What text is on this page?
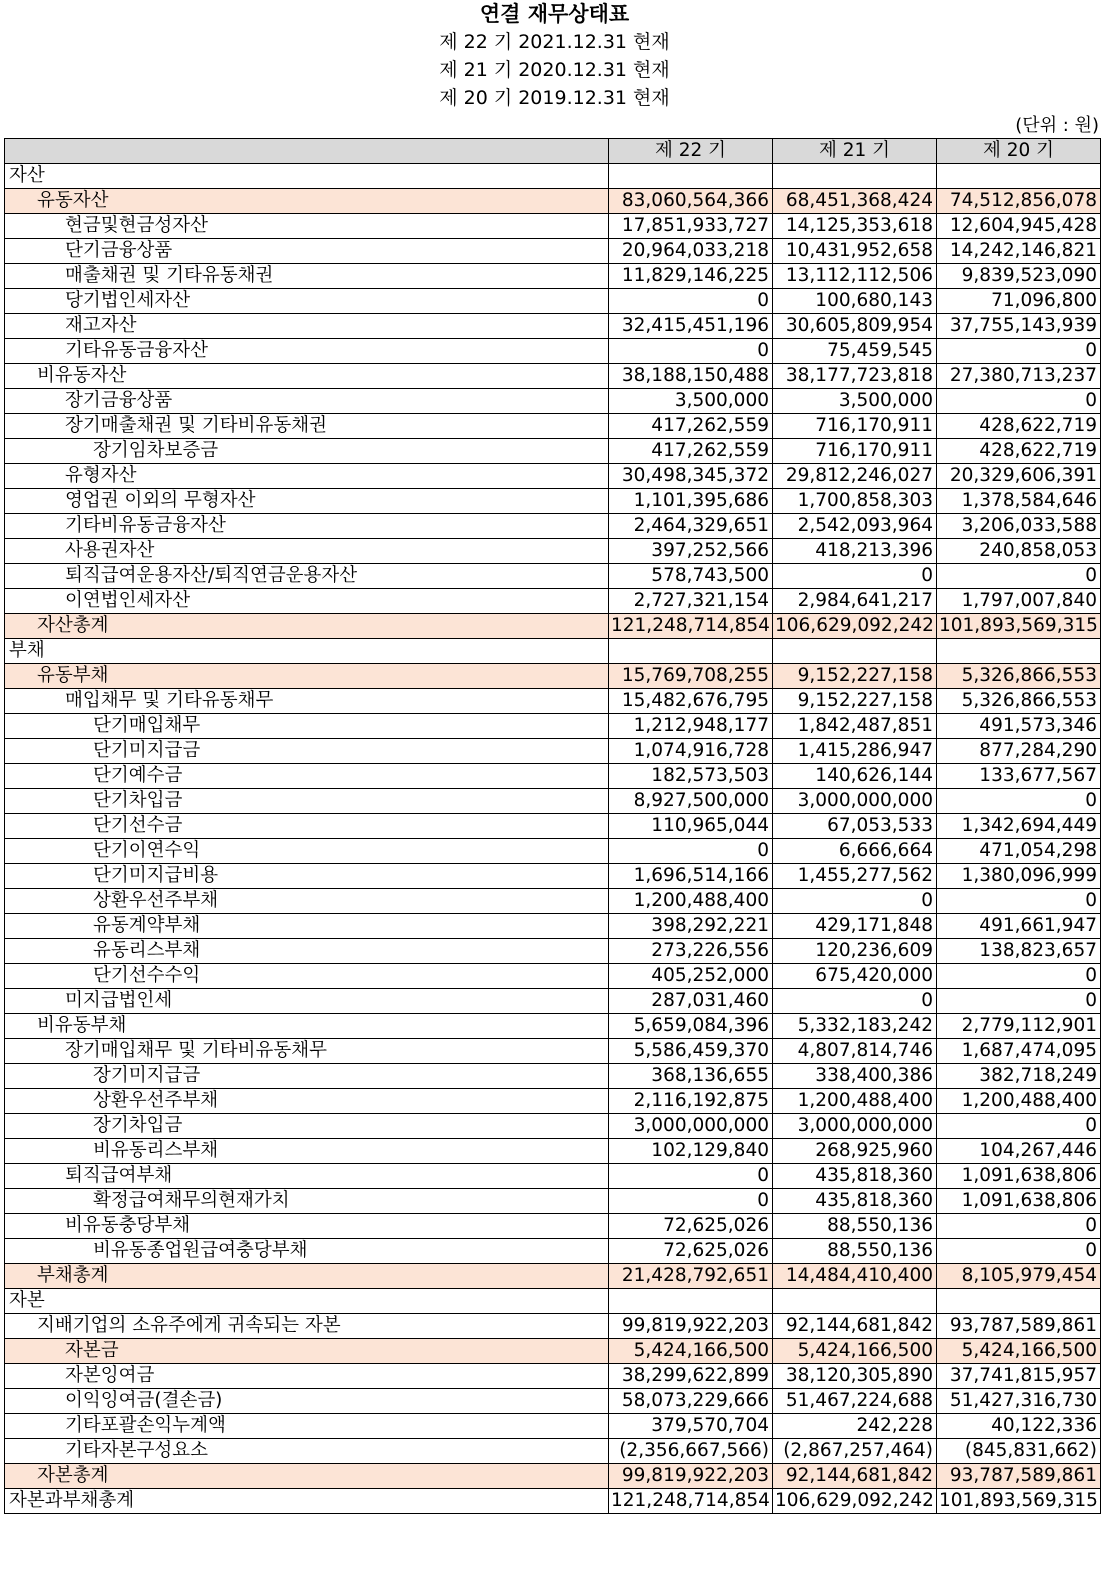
연결 재무상태표
제 22 기 2021.12.31 현재
제 21 기 2020.12.31 현재
제 20 기 2019.12.31 현재
(단위 : 원)
	제 22 기	제 21 기	제 20 기
자산			
유동자산	83,060,564,366	68,451,368,424	74,512,856,078
현금및현금성자산	17,851,933,727	14,125,353,618	12,604,945,428
단기금융상품	20,964,033,218	10,431,952,658	14,242,146,821
매출채권 및 기타유동채권	11,829,146,225	13,112,112,506	9,839,523,090
당기법인세자산	0	100,680,143	71,096,800
재고자산	32,415,451,196	30,605,809,954	37,755,143,939
기타유동금융자산	0	75,459,545	0
비유동자산	38,188,150,488	38,177,723,818	27,380,713,237
장기금융상품	3,500,000	3,500,000	0
장기매출채권 및 기타비유동채권	417,262,559	716,170,911	428,622,719
장기임차보증금	417,262,559	716,170,911	428,622,719
유형자산	30,498,345,372	29,812,246,027	20,329,606,391
영업권 이외의 무형자산	1,101,395,686	1,700,858,303	1,378,584,646
기타비유동금융자산	2,464,329,651	2,542,093,964	3,206,033,588
사용권자산	397,252,566	418,213,396	240,858,053
퇴직급여운용자산/퇴직연금운용자산	578,743,500	0	0
이연법인세자산	2,727,321,154	2,984,641,217	1,797,007,840
자산총계	121,248,714,854	106,629,092,242	101,893,569,315
부채			
유동부채	15,769,708,255	9,152,227,158	5,326,866,553
매입채무 및 기타유동채무	15,482,676,795	9,152,227,158	5,326,866,553
단기매입채무	1,212,948,177	1,842,487,851	491,573,346
단기미지급금	1,074,916,728	1,415,286,947	877,284,290
단기예수금	182,573,503	140,626,144	133,677,567
단기차입금	8,927,500,000	3,000,000,000	0
단기선수금	110,965,044	67,053,533	1,342,694,449
단기이연수익	0	6,666,664	471,054,298
단기미지급비용	1,696,514,166	1,455,277,562	1,380,096,999
상환우선주부채	1,200,488,400	0	0
유동계약부채	398,292,221	429,171,848	491,661,947
유동리스부채	273,226,556	120,236,609	138,823,657
단기선수수익	405,252,000	675,420,000	0
미지급법인세	287,031,460	0	0
비유동부채	5,659,084,396	5,332,183,242	2,779,112,901
장기매입채무 및 기타비유동채무	5,586,459,370	4,807,814,746	1,687,474,095
장기미지급금	368,136,655	338,400,386	382,718,249
상환우선주부채	2,116,192,875	1,200,488,400	1,200,488,400
장기차입금	3,000,000,000	3,000,000,000	0
비유동리스부채	102,129,840	268,925,960	104,267,446
퇴직급여부채	0	435,818,360	1,091,638,806
확정급여채무의현재가치	0	435,818,360	1,091,638,806
비유동충당부채	72,625,026	88,550,136	0
비유동종업원급여충당부채	72,625,026	88,550,136	0
부채총계	21,428,792,651	14,484,410,400	8,105,979,454
자본			
지배기업의 소유주에게 귀속되는 자본	99,819,922,203	92,144,681,842	93,787,589,861
자본금	5,424,166,500	5,424,166,500	5,424,166,500
자본잉여금	38,299,622,899	38,120,305,890	37,741,815,957
이익잉여금(결손금)	58,073,229,666	51,467,224,688	51,427,316,730
기타포괄손익누계액	379,570,704	242,228	40,122,336
기타자본구성요소	(2,356,667,566)	(2,867,257,464)	(845,831,662)
자본총계	99,819,922,203	92,144,681,842	93,787,589,861
자본과부채총계	121,248,714,854	106,629,092,242	101,893,569,315
